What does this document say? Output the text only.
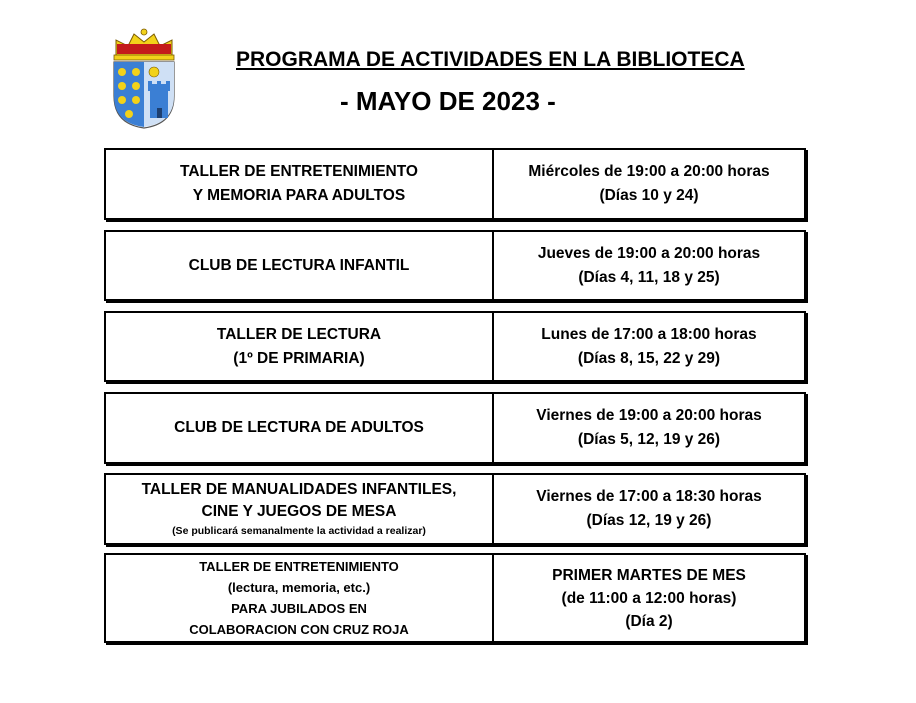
PROGRAMA DE ACTIVIDADES EN LA BIBLIOTECA
- MAYO DE 2023 -
TALLER DE ENTRETENIMIENTO
Y MEMORIA PARA ADULTOS
Miércoles de 19:00 a 20:00 horas
(Días 10 y 24)
CLUB DE LECTURA INFANTIL
Jueves de 19:00 a 20:00 horas
(Días 4, 11, 18 y 25)
TALLER DE LECTURA
(1º DE PRIMARIA)
Lunes de 17:00 a 18:00 horas
(Días 8, 15, 22 y 29)
CLUB DE LECTURA DE ADULTOS
Viernes de 19:00 a 20:00 horas
(Días 5, 12, 19 y 26)
TALLER DE MANUALIDADES INFANTILES,
CINE Y JUEGOS DE MESA
(Se publicará semanalmente la actividad a realizar)
Viernes de 17:00 a 18:30 horas
(Días 12, 19 y 26)
TALLER DE ENTRETENIMIENTO
(lectura, memoria, etc.)
PARA JUBILADOS EN
COLABORACION CON CRUZ ROJA
PRIMER MARTES DE MES
(de 11:00 a 12:00 horas)
(Día 2)
